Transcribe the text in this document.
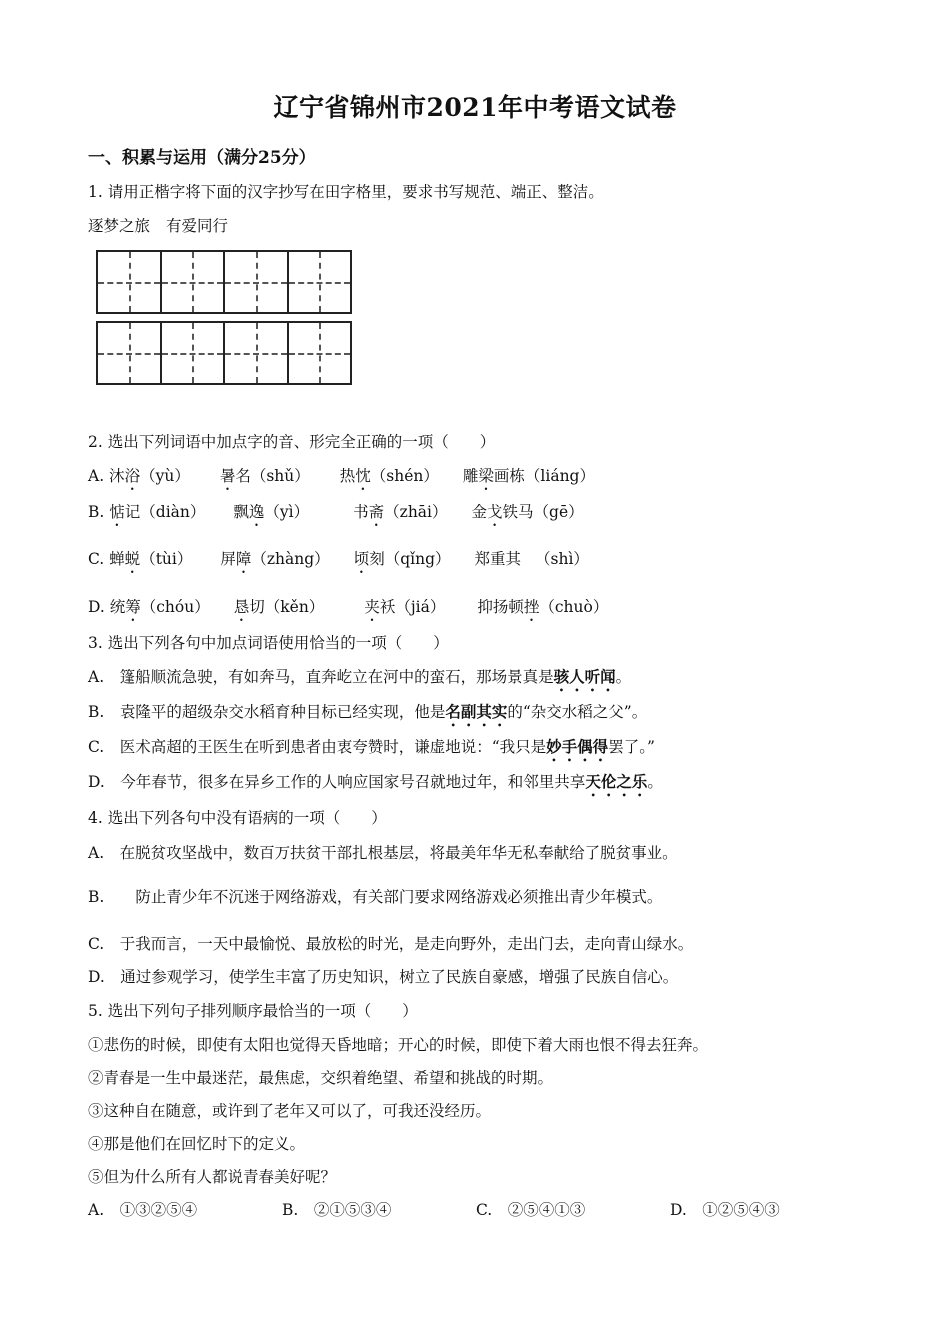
辽宁省锦州市2021年中考语文试卷
一、积累与运用（满分25分）
1. 请用正楷字将下面的汉字抄写在田字格里，要求书写规范、端正、整洁。
逐梦之旅 有爱同行
2. 选出下列词语中加点字的音、形完全正确的一项（　　）
A. 沐浴（yù） 暑名（shǔ） 热忱（shén） 雕梁画栋（liáng）
B. 惦记（diàn） 飘逸（yì）	书斋（zhāi） 金戈铁马（gē）
C. 蝉蜕（tùi） 屏障（zhàng） 顷刻（qǐng） 郑重其 （shì）
D. 统筹（chóu） 恳切（kěn）	夹袄（jiá） 抑扬顿挫（chuò）
3. 选出下列各句中加点词语使用恰当的一项（　　）
A.　篷船顺流急驶，有如奔马，直奔屹立在河中的蛮石，那场景真是骇人听闻。
B.　袁隆平的超级杂交水稻育种目标已经实现，他是名副其实的“杂交水稻之父”。
C.　医术高超的王医生在听到患者由衷夸赞时，谦虚地说：“我只是妙手偶得罢了。”
D.　今年春节，很多在异乡工作的人响应国家号召就地过年，和邻里共享天伦之乐。
4. 选出下列各句中没有语病的一项（　　）
A.　在脱贫攻坚战中，数百万扶贫干部扎根基层，将最美年华无私奉献给了脱贫事业。
B.　　防止青少年不沉迷于网络游戏，有关部门要求网络游戏必须推出青少年模式。
C.　于我而言，一天中最愉悦、最放松的时光，是走向野外，走出门去，走向青山绿水。
D.　通过参观学习，使学生丰富了历史知识，树立了民族自豪感，增强了民族自信心。
5. 选出下列句子排列顺序最恰当的一项（　　）
①悲伤的时候，即使有太阳也觉得天昏地暗；开心的时候，即使下着大雨也恨不得去狂奔。
②青春是一生中最迷茫，最焦虑，交织着绝望、希望和挑战的时期。
③这种自在随意，或许到了老年又可以了，可我还没经历。
④那是他们在回忆时下的定义。
⑤但为什么所有人都说青春美好呢？
A.　①③②⑤④	B.　②①⑤③④	C.　②⑤④①③	D.　①②⑤④③
